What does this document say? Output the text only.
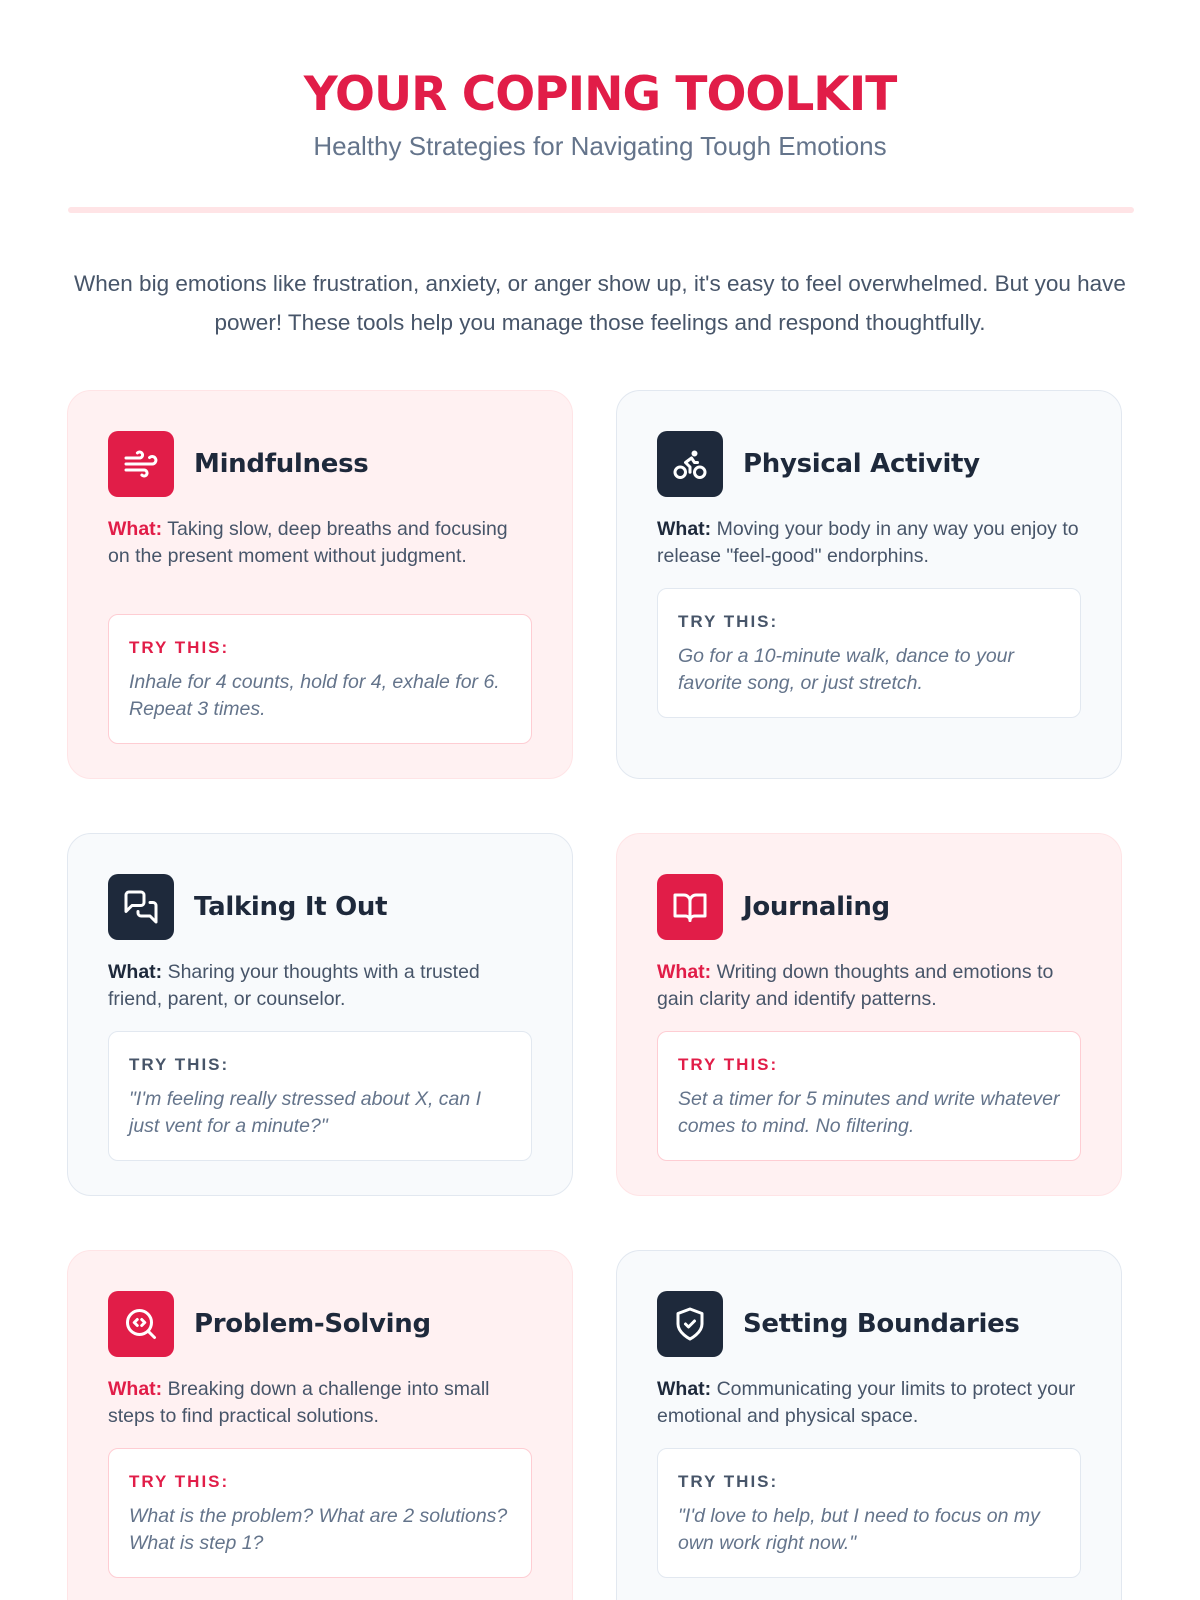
YOUR COPING TOOLKIT

Healthy Strategies for Navigating Tough Emotions

When big emotions like frustration, anxiety, or anger show up, it's easy to feel overwhelmed. But you have power! These tools help you manage those feelings and respond thoughtfully.

Mindfulness

What: Taking slow, deep breaths and focusing on the present moment without judgment.

TRY THIS:

Inhale for 4 counts, hold for 4, exhale for 6. Repeat 3 times.

Physical Activity

What: Moving your body in any way you enjoy to release "feel-good" endorphins.

TRY THIS:

Go for a 10-minute walk, dance to your favorite song, or just stretch.

Talking It Out

What: Sharing your thoughts with a trusted friend, parent, or counselor.

TRY THIS:

"I'm feeling really stressed about X, can I just vent for a minute?"

Journaling

What: Writing down thoughts and emotions to gain clarity and identify patterns.

TRY THIS:

Set a timer for 5 minutes and write whatever comes to mind. No filtering.

Problem-Solving

What: Breaking down a challenge into small steps to find practical solutions.

TRY THIS:

What is the problem? What are 2 solutions? What is step 1?

Setting Boundaries

What: Communicating your limits to protect your emotional and physical space.

TRY THIS:

"I'd love to help, but I need to focus on my own work right now."
